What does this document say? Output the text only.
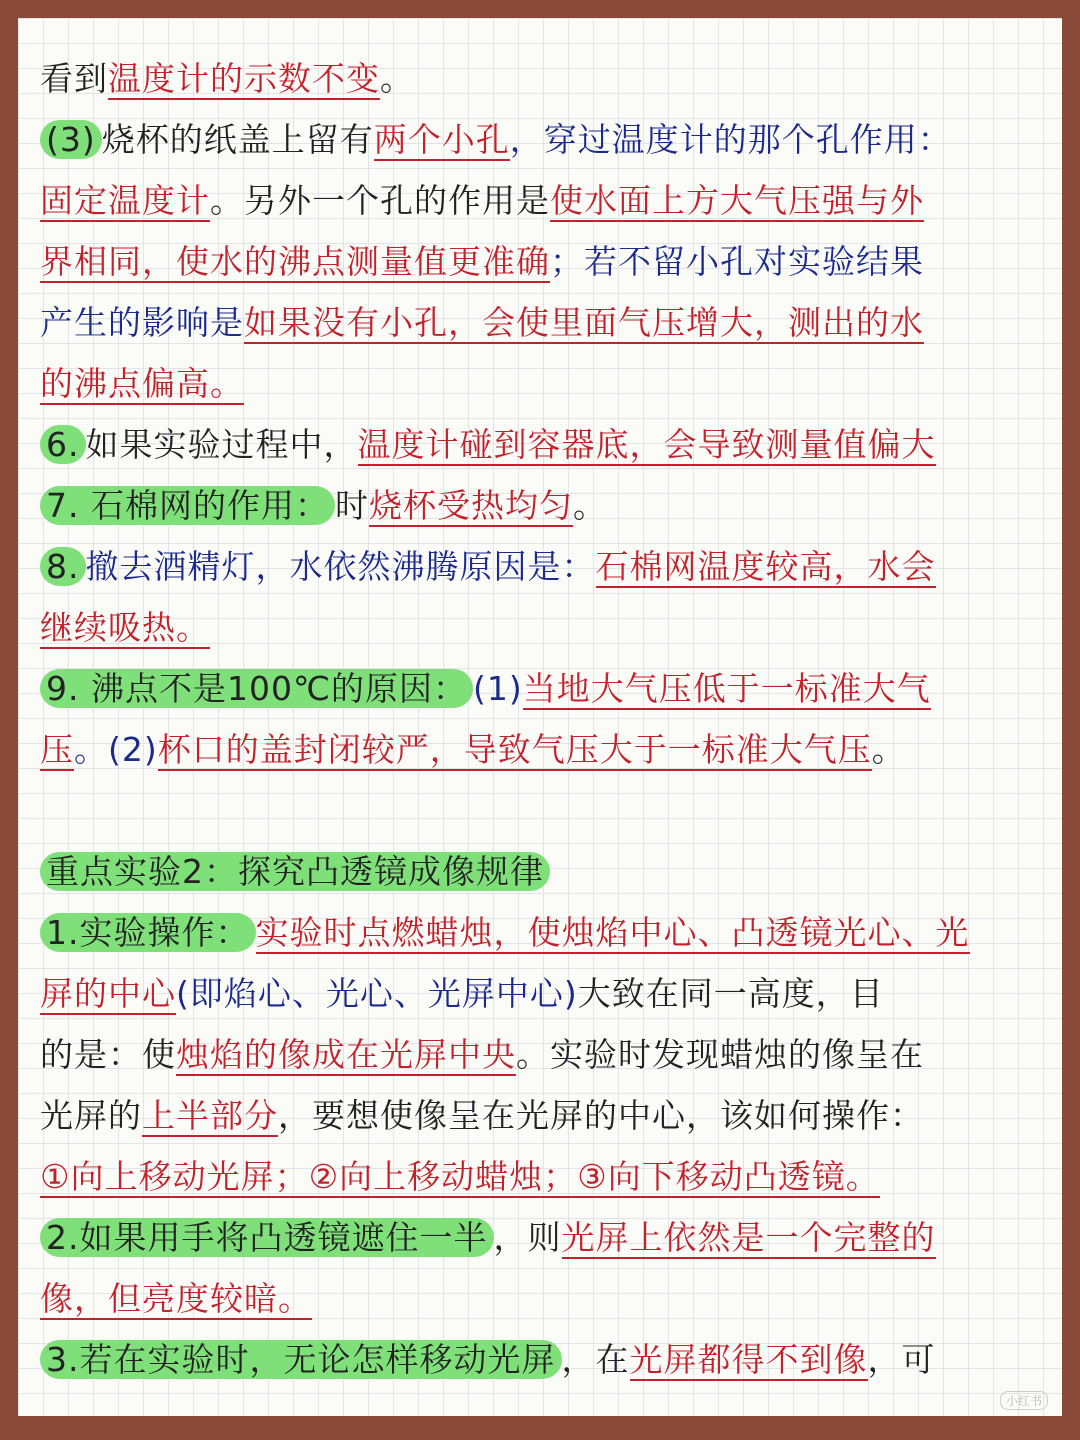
看到温度计的示数不变。
(3) 烧杯的纸盖上留有两个小孔，穿过温度计的那个孔作用：
固定温度计。另外一个孔的作用是使水面上方大气压强与外
界相同，使水的沸点测量值更准确；若不留小孔对实验结果
产生的影响是如果没有小孔，会使里面气压增大，测出的水
的沸点偏高。
6. 如果实验过程中，温度计碰到容器底，会导致测量值偏大
7. 石棉网的作用： 时烧杯受热均匀。
8. 撤去酒精灯，水依然沸腾原因是：石棉网温度较高，水会
继续吸热。
9. 沸点不是100℃的原因： (1)当地大气压低于一标准大气
压。(2)杯口的盖封闭较严，导致气压大于一标准大气压。
重点实验2：探究凸透镜成像规律
1.实验操作： 实验时点燃蜡烛，使烛焰中心、凸透镜光心、光
屏的中心(即焰心、光心、光屏中心)大致在同一高度，目
的是：使烛焰的像成在光屏中央。实验时发现蜡烛的像呈在
光屏的上半部分，要想使像呈在光屏的中心，该如何操作：
①向上移动光屏；②向上移动蜡烛；③向下移动凸透镜。
2.如果用手将凸透镜遮住一半 ，则光屏上依然是一个完整的
像，但亮度较暗。
3.若在实验时，无论怎样移动光屏 ，在光屏都得不到像，可
小红书
